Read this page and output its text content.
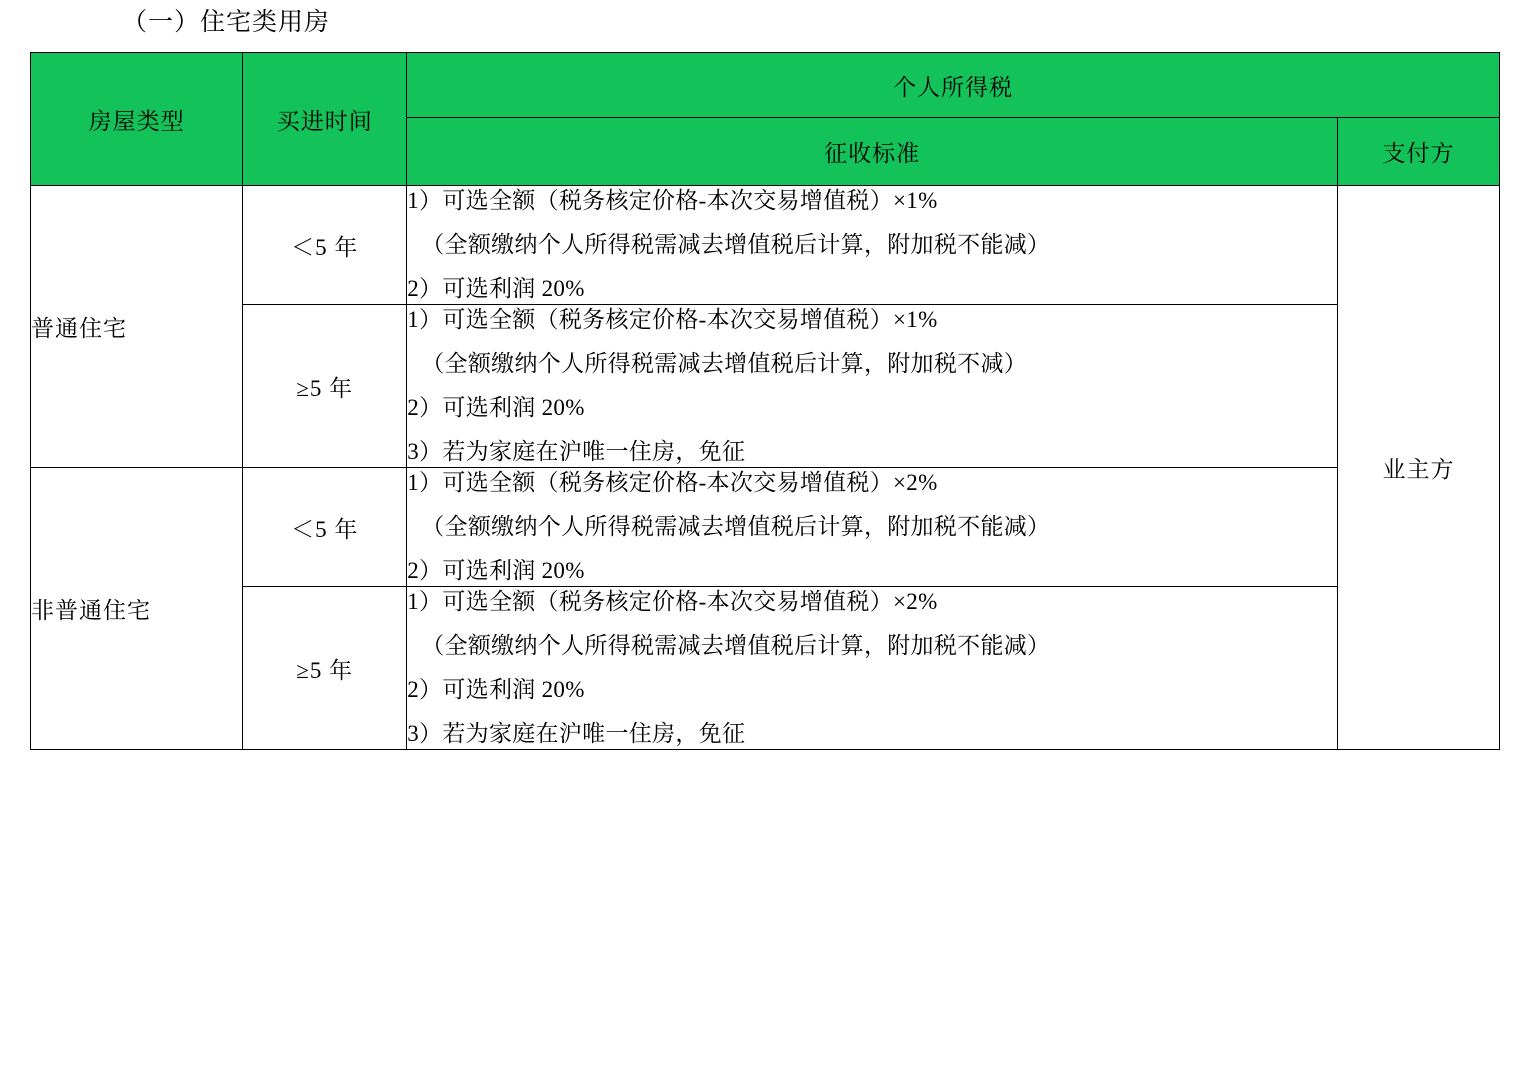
（一）住宅类用房
房屋类型	买进时间	个人所得税	
		征收标准	支付方
普通住宅	＜5 年	1）可选全额（税务核定价格-本次交易增值税）×1%

（全额缴纳个人所得税需减去增值税后计算，附加税不能减）

2）可选利润 20%	业主方
	≥5 年	1）可选全额（税务核定价格-本次交易增值税）×1%

（全额缴纳个人所得税需减去增值税后计算，附加税不减）

2）可选利润 20%

3）若为家庭在沪唯一住房，免征	

非普通住宅	＜5 年	1）可选全额（税务核定价格-本次交易增值税）×2%

（全额缴纳个人所得税需减去增值税后计算，附加税不能减）

2）可选利润 20%	

	≥5 年	1）可选全额（税务核定价格-本次交易增值税）×2%

（全额缴纳个人所得税需减去增值税后计算，附加税不能减）

2）可选利润 20%

3）若为家庭在沪唯一住房，免征	
